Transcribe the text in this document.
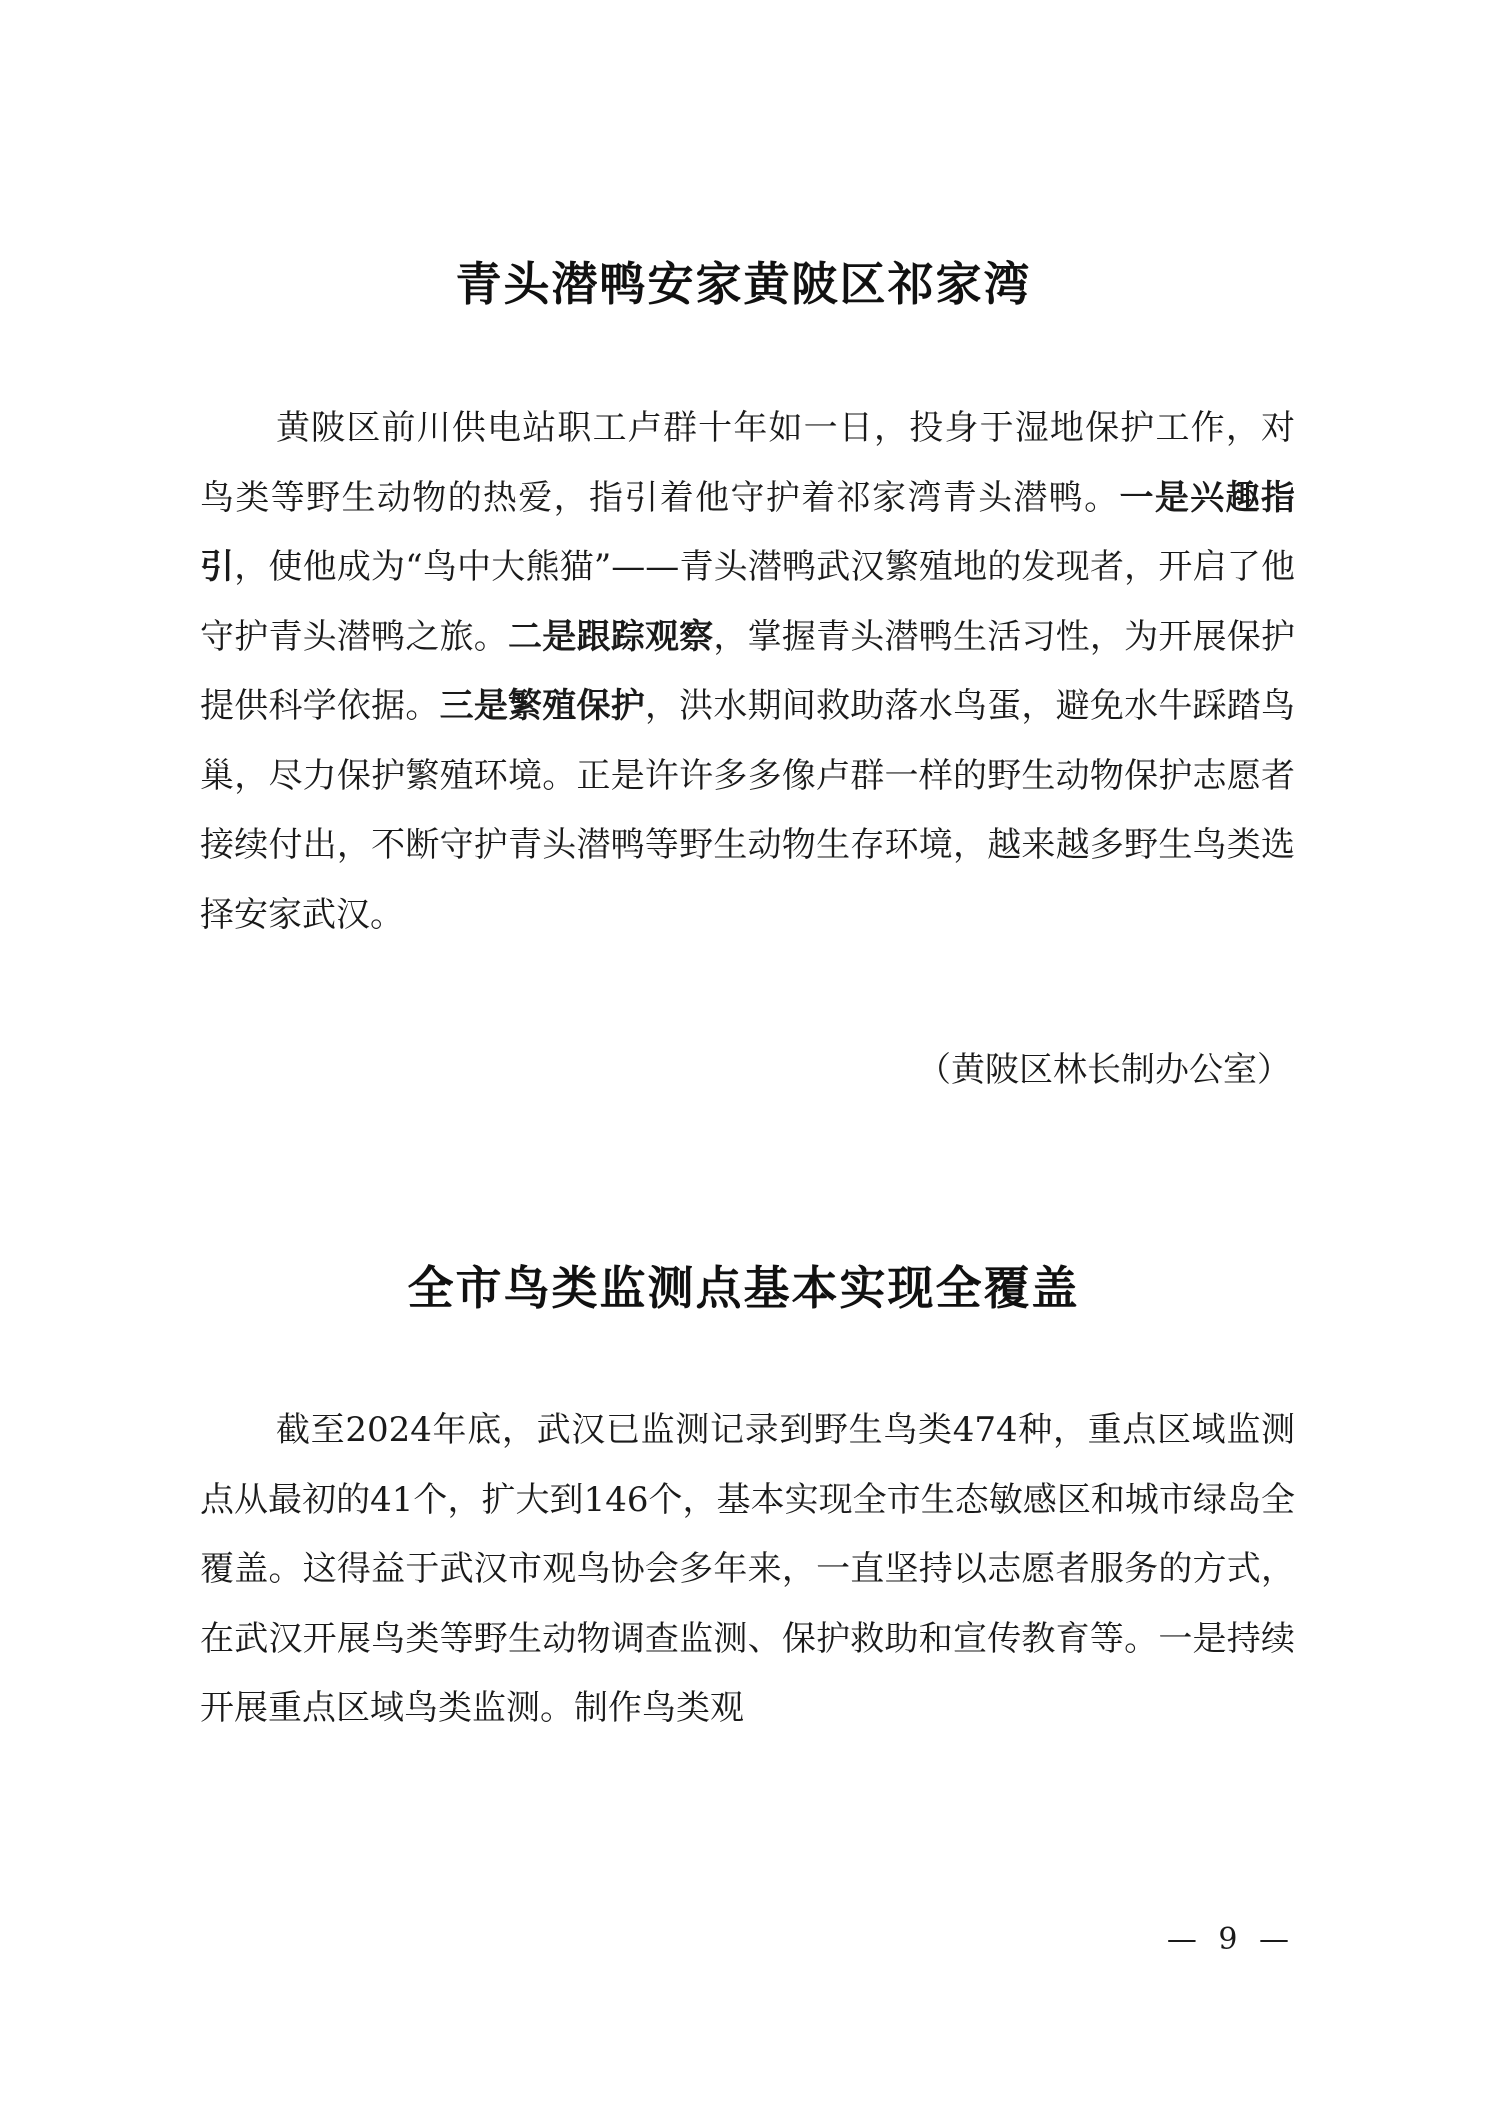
青头潜鸭安家黄陂区祁家湾

黄陂区前川供电站职工卢群十年如一日，投身于湿地保护工作，对鸟类等野生动物的热爱，指引着他守护着祁家湾青头潜鸭。一是兴趣指引，使他成为“鸟中大熊猫”——青头潜鸭武汉繁殖地的发现者，开启了他守护青头潜鸭之旅。二是跟踪观察，掌握青头潜鸭生活习性，为开展保护提供科学依据。三是繁殖保护，洪水期间救助落水鸟蛋，避免水牛踩踏鸟巢，尽力保护繁殖环境。正是许许多多像卢群一样的野生动物保护志愿者接续付出，不断守护青头潜鸭等野生动物生存环境，越来越多野生鸟类选择安家武汉。

（黄陂区林长制办公室）

全市鸟类监测点基本实现全覆盖

截至2024年底，武汉已监测记录到野生鸟类474种，重点区域监测点从最初的41个，扩大到146个，基本实现全市生态敏感区和城市绿岛全覆盖。这得益于武汉市观鸟协会多年来，一直坚持以志愿者服务的方式，在武汉开展鸟类等野生动物调查监测、保护救助和宣传教育等。一是持续开展重点区域鸟类监测。制作鸟类观

— 9 —
